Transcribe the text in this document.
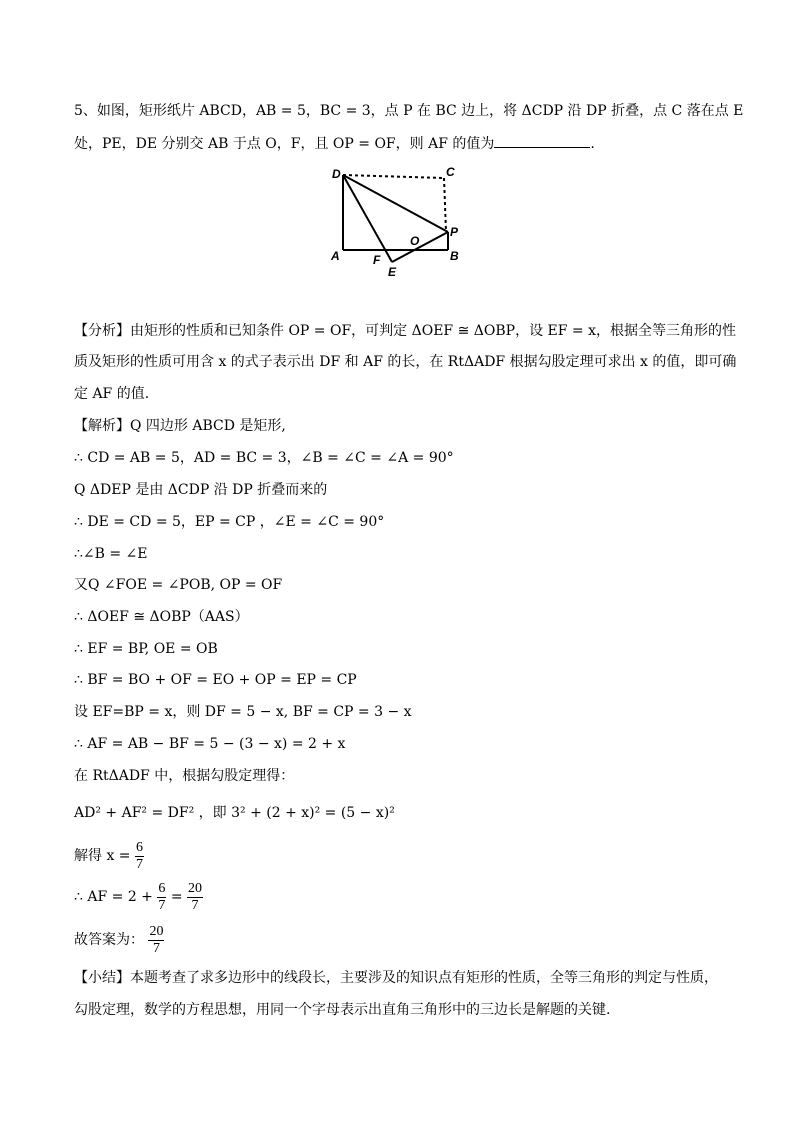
5、如图，矩形纸片 ABCD，AB = 5，BC = 3，点 P 在 BC 边上，将 ΔCDP 沿 DP 折叠，点 C 落在点 E
处，PE，DE 分别交 AB 于点 O，F，且 OP = OF，则 AF 的值为	.
D	C
P
O
A	F
E
B
【分析】由矩形的性质和已知条件 OP = OF，可判定 ΔOEF ≅ ΔOBP，设 EF = x，根据全等三角形的性
质及矩形的性质可用含 x 的式子表示出 DF 和 AF 的长，在 RtΔADF 根据勾股定理可求出 x 的值，即可确
定 AF 的值.
【解析】Q 四边形 ABCD 是矩形,
∴ CD = AB = 5，AD = BC = 3，∠B = ∠C = ∠A = 90°
Q ΔDEP 是由 ΔCDP 沿 DP 折叠而来的
∴ DE = CD = 5，EP = CP ，∠E = ∠C = 90°
∴∠B = ∠E
又Q ∠FOE = ∠POB, OP = OF
∴ ΔOEF ≅ ΔOBP（AAS）
∴ EF = BP, OE = OB
∴ BF = BO + OF = EO + OP = EP = CP
设 EF=BP = x，则 DF = 5 − x, BF = CP = 3 − x
∴ AF = AB − BF = 5 − (3 − x) = 2 + x
在 RtΔADF 中，根据勾股定理得：
AD² + AF² = DF² ，即 3² + (2 + x)² = (5 − x)²
解得 $x = \frac{6}{7}$
∴ AF = $2 + \frac{6}{7} = \frac{20}{7}$
故答案为： $\frac{20}{7}$
【小结】本题考查了求多边形中的线段长，主要涉及的知识点有矩形的性质，全等三角形的判定与性质，
勾股定理，数学的方程思想，用同一个字母表示出直角三角形中的三边长是解题的关键.
